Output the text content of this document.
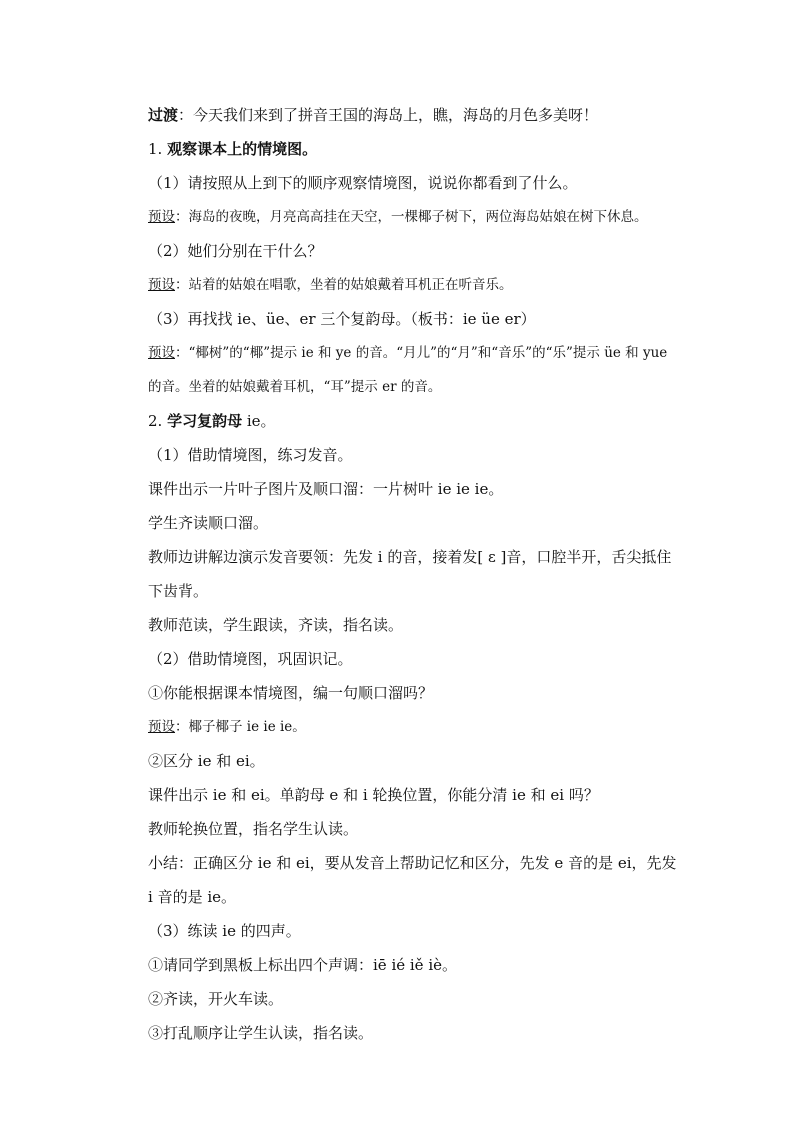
过渡：今天我们来到了拼音王国的海岛上，瞧，海岛的月色多美呀！

1. 观察课本上的情境图。

（1）请按照从上到下的顺序观察情境图，说说你都看到了什么。

预设：海岛的夜晚，月亮高高挂在天空，一棵椰子树下，两位海岛姑娘在树下休息。

（2）她们分别在干什么？

预设：站着的姑娘在唱歌，坐着的姑娘戴着耳机正在听音乐。

（3）再找找 ie、üe、er 三个复韵母。（板书：ie üe er）

预设：“椰树”的“椰”提示 ie 和 ye 的音。“月儿”的“月”和“音乐”的“乐”提示 üe 和 yue 的音。坐着的姑娘戴着耳机，“耳”提示 er 的音。

2. 学习复韵母 ie。

（1）借助情境图，练习发音。

课件出示一片叶子图片及顺口溜：一片树叶 ie ie ie。

学生齐读顺口溜。

教师边讲解边演示发音要领：先发 i 的音，接着发[ ɛ ]音，口腔半开，舌尖抵住下齿背。

教师范读，学生跟读，齐读，指名读。

（2）借助情境图，巩固识记。

①你能根据课本情境图，编一句顺口溜吗？

预设：椰子椰子 ie ie ie。

②区分 ie 和 ei。

课件出示 ie 和 ei。单韵母 e 和 i 轮换位置，你能分清 ie 和 ei 吗？

教师轮换位置，指名学生认读。

小结：正确区分 ie 和 ei，要从发音上帮助记忆和区分，先发 e 音的是 ei，先发 i 音的是 ie。

（3）练读 ie 的四声。

①请同学到黑板上标出四个声调：iē ié iě iè。

②齐读，开火车读。

③打乱顺序让学生认读，指名读。
